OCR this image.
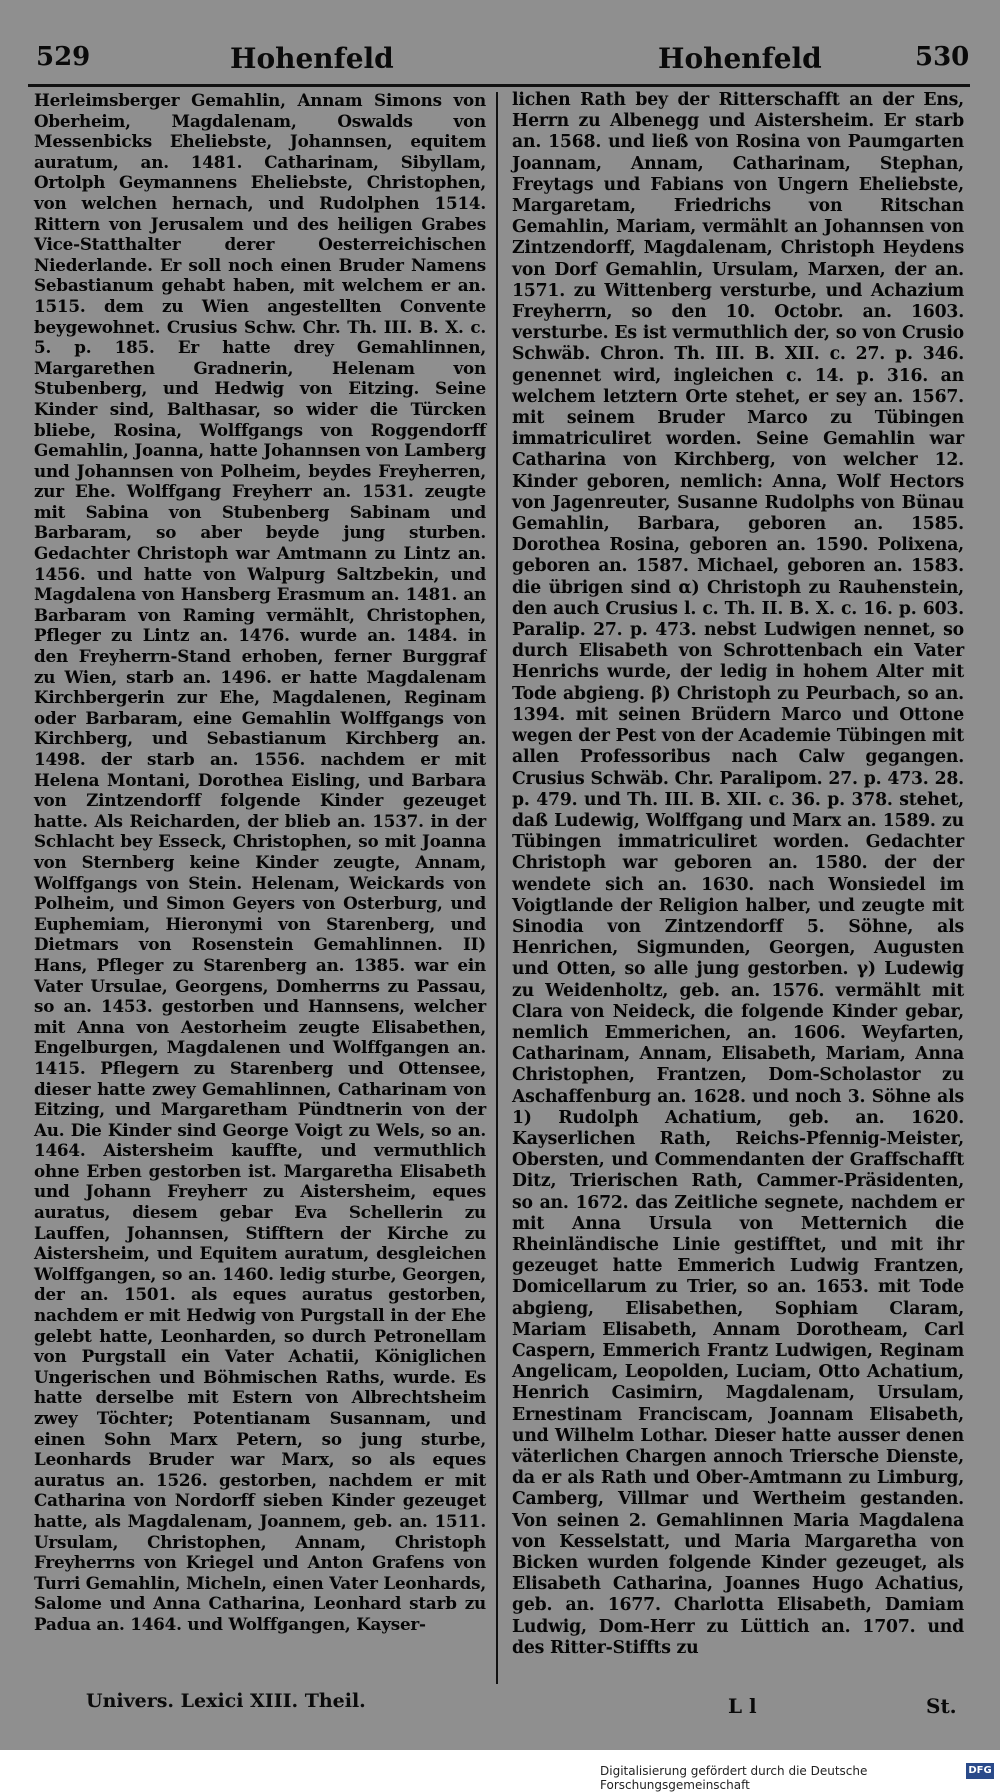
529	Hohenfeld	Hohenfeld	530

Herleimsberger Gemahlin, Annam Simons von Oberheim, Magdalenam, Oswalds von Messenbicks Eheliebste, Johannsen, equitem auratum, an. 1481. Catharinam, Sibyllam, Ortolph Geymannens Eheliebste, Christophen, von welchen hernach, und Rudolphen 1514. Rittern von Jerusalem und des heiligen Grabes Vice-Statthalter derer Oesterreichischen Niederlande. Er soll noch einen Bruder Namens Sebastianum gehabt haben, mit welchem er an. 1515. dem zu Wien angestellten Convente beygewohnet. Crusius Schw. Chr. Th. III. B. X. c. 5. p. 185. Er hatte drey Gemahlinnen, Margarethen Gradnerin, Helenam von Stubenberg, und Hedwig von Eitzing. Seine Kinder sind, Balthasar, so wider die Türcken bliebe, Rosina, Wolffgangs von Roggendorff Gemahlin, Joanna, hatte Johannsen von Lamberg und Johannsen von Polheim, beydes Freyherren, zur Ehe. Wolffgang Freyherr an. 1531. zeugte mit Sabina von Stubenberg Sabinam und Barbaram, so aber beyde jung sturben. Gedachter Christoph war Amtmann zu Lintz an. 1456. und hatte von Walpurg Saltzbekin, und Magdalena von Hansberg Erasmum an. 1481. an Barbaram von Raming vermählt, Christophen, Pfleger zu Lintz an. 1476. wurde an. 1484. in den Freyherrn-Stand erhoben, ferner Burggraf zu Wien, starb an. 1496. er hatte Magdalenam Kirchbergerin zur Ehe, Magdalenen, Reginam oder Barbaram, eine Gemahlin Wolffgangs von Kirchberg, und Sebastianum Kirchberg an. 1498. der starb an. 1556. nachdem er mit Helena Montani, Dorothea Eisling, und Barbara von Zintzendorff folgende Kinder gezeuget hatte. Als Reicharden, der blieb an. 1537. in der Schlacht bey Esseck, Christophen, so mit Joanna von Sternberg keine Kinder zeugte, Annam, Wolffgangs von Stein. Helenam, Weickards von Polheim, und Simon Geyers von Osterburg, und Euphemiam, Hieronymi von Starenberg, und Dietmars von Rosenstein Gemahlinnen. II) Hans, Pfleger zu Starenberg an. 1385. war ein Vater Ursulae, Georgens, Domherrns zu Passau, so an. 1453. gestorben und Hannsens, welcher mit Anna von Aestorheim zeugte Elisabethen, Engelburgen, Magdalenen und Wolffgangen an. 1415. Pflegern zu Starenberg und Ottensee, dieser hatte zwey Gemahlinnen, Catharinam von Eitzing, und Margaretham Pündtnerin von der Au. Die Kinder sind George Voigt zu Wels, so an. 1464. Aistersheim kauffte, und vermuthlich ohne Erben gestorben ist. Margaretha Elisabeth und Johann Freyherr zu Aistersheim, eques auratus, diesem gebar Eva Schellerin zu Lauffen, Johannsen, Stifftern der Kirche zu Aistersheim, und Equitem auratum, desgleichen Wolffgangen, so an. 1460. ledig sturbe, Georgen, der an. 1501. als eques auratus gestorben, nachdem er mit Hedwig von Purgstall in der Ehe gelebt hatte, Leonharden, so durch Petronellam von Purgstall ein Vater Achatii, Königlichen Ungerischen und Böhmischen Raths, wurde. Es hatte derselbe mit Estern von Albrechtsheim zwey Töchter; Potentianam Susannam, und einen Sohn Marx Petern, so jung sturbe, Leonhards Bruder war Marx, so als eques auratus an. 1526. gestorben, nachdem er mit Catharina von Nordorff sieben Kinder gezeuget hatte, als Magdalenam, Joannem, geb. an. 1511. Ursulam, Christophen, Annam, Christoph Freyherrns von Kriegel und Anton Grafens von Turri Gemahlin, Micheln, einen Vater Leonhards, Salome und Anna Catharina, Leonhard starb zu Padua an. 1464. und Wolffgangen, Kayser-

lichen Rath bey der Ritterschafft an der Ens, Herrn zu Albenegg und Aistersheim. Er starb an. 1568. und ließ von Rosina von Paumgarten Joannam, Annam, Catharinam, Stephan, Freytags und Fabians von Ungern Eheliebste, Margaretam, Friedrichs von Ritschan Gemahlin, Mariam, vermählt an Johannsen von Zintzendorff, Magdalenam, Christoph Heydens von Dorf Gemahlin, Ursulam, Marxen, der an. 1571. zu Wittenberg versturbe, und Achazium Freyherrn, so den 10. Octobr. an. 1603. versturbe. Es ist vermuthlich der, so von Crusio Schwäb. Chron. Th. III. B. XII. c. 27. p. 346. genennet wird, ingleichen c. 14. p. 316. an welchem letztern Orte stehet, er sey an. 1567. mit seinem Bruder Marco zu Tübingen immatriculiret worden. Seine Gemahlin war Catharina von Kirchberg, von welcher 12. Kinder geboren, nemlich: Anna, Wolf Hectors von Jagenreuter, Susanne Rudolphs von Bünau Gemahlin, Barbara, geboren an. 1585. Dorothea Rosina, geboren an. 1590. Polixena, geboren an. 1587. Michael, geboren an. 1583. die übrigen sind α) Christoph zu Rauhenstein, den auch Crusius l. c. Th. II. B. X. c. 16. p. 603. Paralip. 27. p. 473. nebst Ludwigen nennet, so durch Elisabeth von Schrottenbach ein Vater Henrichs wurde, der ledig in hohem Alter mit Tode abgieng. β) Christoph zu Peurbach, so an. 1394. mit seinen Brüdern Marco und Ottone wegen der Pest von der Academie Tübingen mit allen Professoribus nach Calw gegangen. Crusius Schwäb. Chr. Paralipom. 27. p. 473. 28. p. 479. und Th. III. B. XII. c. 36. p. 378. stehet, daß Ludewig, Wolffgang und Marx an. 1589. zu Tübingen immatriculiret worden. Gedachter Christoph war geboren an. 1580. der der wendete sich an. 1630. nach Wonsiedel im Voigtlande der Religion halber, und zeugte mit Sinodia von Zintzendorff 5. Söhne, als Henrichen, Sigmunden, Georgen, Augusten und Otten, so alle jung gestorben. γ) Ludewig zu Weidenholtz, geb. an. 1576. vermählt mit Clara von Neideck, die folgende Kinder gebar, nemlich Emmerichen, an. 1606. Weyfarten, Catharinam, Annam, Elisabeth, Mariam, Anna Christophen, Frantzen, Dom-Scholastor zu Aschaffenburg an. 1628. und noch 3. Söhne als 1) Rudolph Achatium, geb. an. 1620. Kayserlichen Rath, Reichs-Pfennig-Meister, Obersten, und Commendanten der Graffschafft Ditz, Trierischen Rath, Cammer-Präsidenten, so an. 1672. das Zeitliche segnete, nachdem er mit Anna Ursula von Metternich die Rheinländische Linie gestifftet, und mit ihr gezeuget hatte Emmerich Ludwig Frantzen, Domicellarum zu Trier, so an. 1653. mit Tode abgieng, Elisabethen, Sophiam Claram, Mariam Elisabeth, Annam Dorotheam, Carl Caspern, Emmerich Frantz Ludwigen, Reginam Angelicam, Leopolden, Luciam, Otto Achatium, Henrich Casimirn, Magdalenam, Ursulam, Ernestinam Franciscam, Joannam Elisabeth, und Wilhelm Lothar. Dieser hatte ausser denen väterlichen Chargen annoch Triersche Dienste, da er als Rath und Ober-Amtmann zu Limburg, Camberg, Villmar und Wertheim gestanden. Von seinen 2. Gemahlinnen Maria Magdalena von Kesselstatt, und Maria Margaretha von Bicken wurden folgende Kinder gezeuget, als Elisabeth Catharina, Joannes Hugo Achatius, geb. an. 1677. Charlotta Elisabeth, Damiam Ludwig, Dom-Herr zu Lüttich an. 1707. und des Ritter-Stiffts zu

Univers. Lexici XIII. Theil.	L l	St.
Digitalisierung gefördert durch die Deutsche Forschungsgemeinschaft
DFG
